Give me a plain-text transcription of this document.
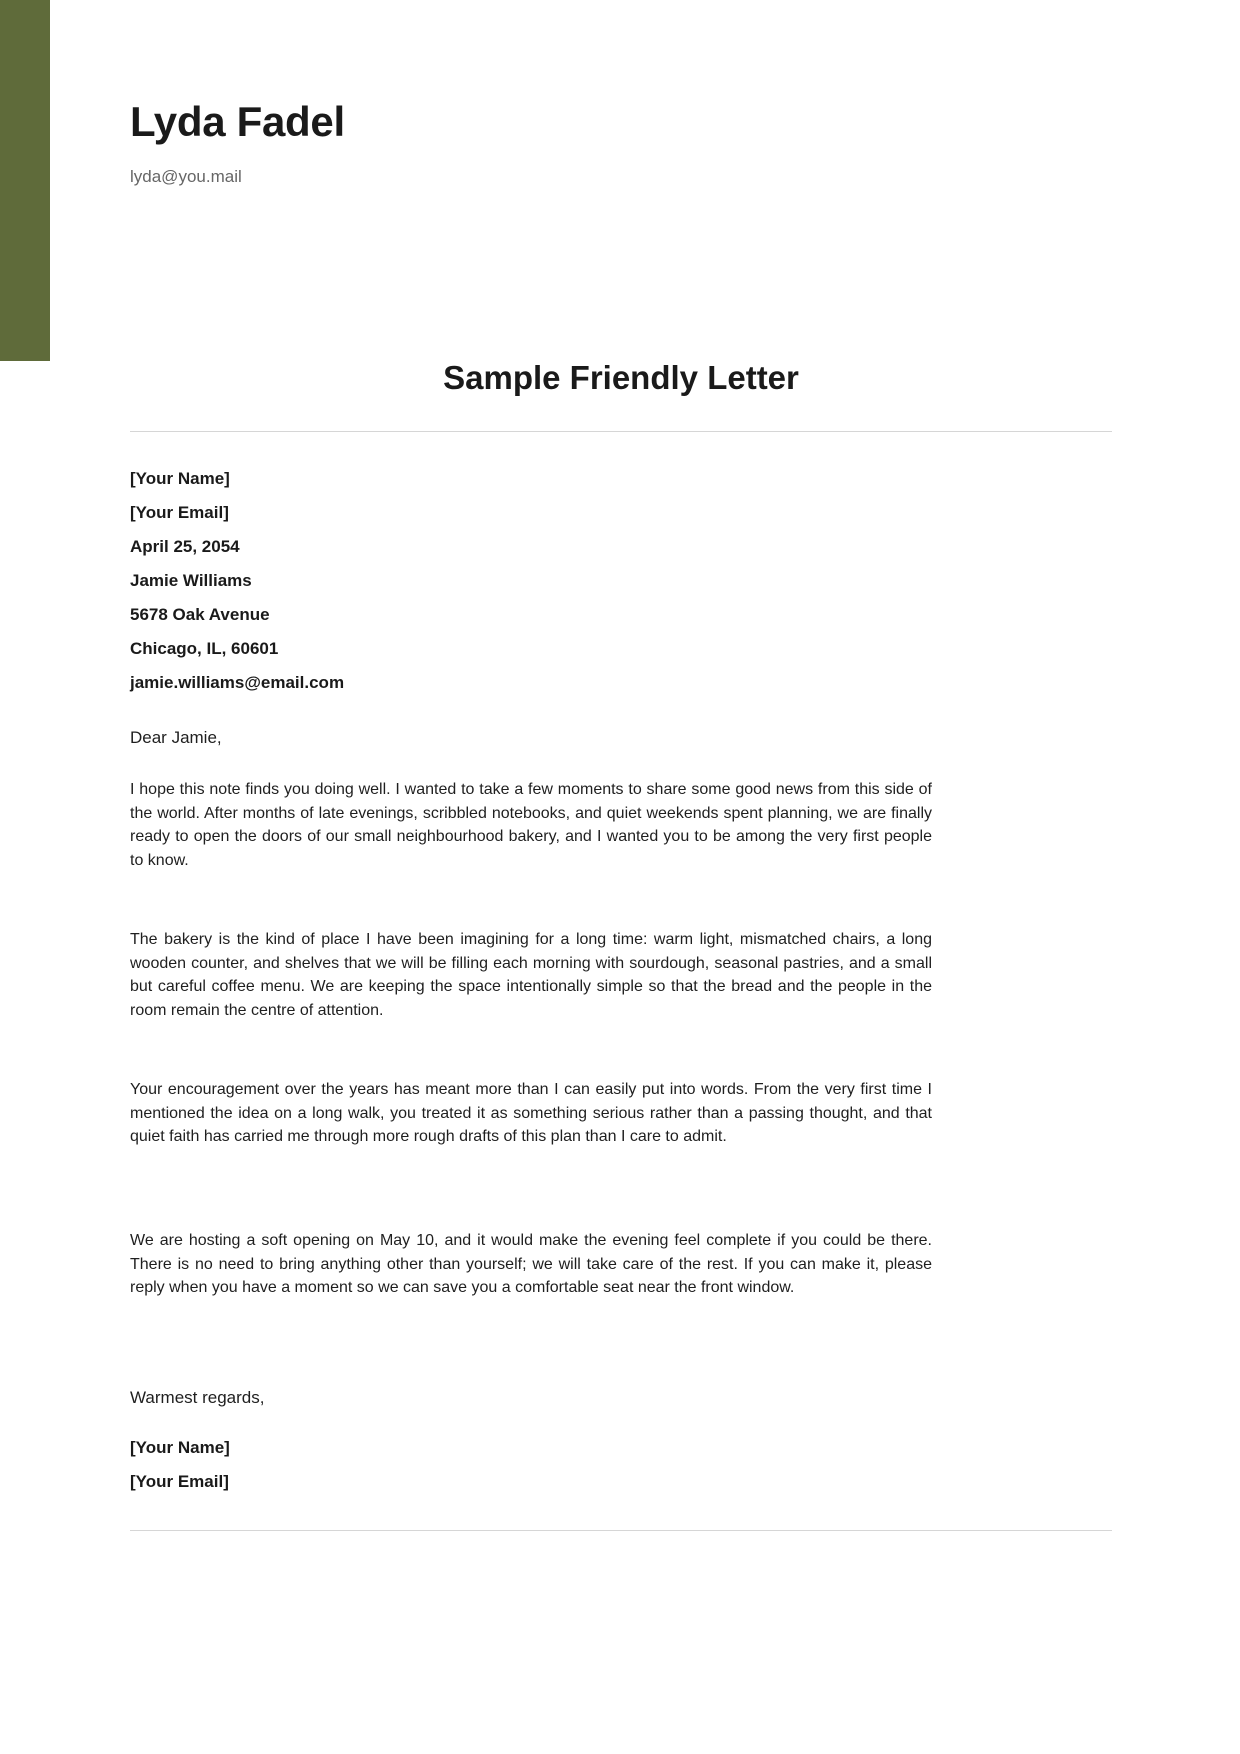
Lyda Fadel
lyda@you.mail
Sample Friendly Letter
[Your Name]
[Your Email]
April 25, 2054
Jamie Williams
5678 Oak Avenue
Chicago, IL, 60601
jamie.williams@email.com
Dear Jamie,

I hope this note finds you doing well. I wanted to take a few moments to share some good news from this side of the world. After months of late evenings, scribbled notebooks, and quiet weekends spent planning, we are finally ready to open the doors of our small neighbourhood bakery, and I wanted you to be among the very first people to know.

The bakery is the kind of place I have been imagining for a long time: warm light, mismatched chairs, a long wooden counter, and shelves that we will be filling each morning with sourdough, seasonal pastries, and a small but careful coffee menu. We are keeping the space intentionally simple so that the bread and the people in the room remain the centre of attention.

Your encouragement over the years has meant more than I can easily put into words. From the very first time I mentioned the idea on a long walk, you treated it as something serious rather than a passing thought, and that quiet faith has carried me through more rough drafts of this plan than I care to admit.

We are hosting a soft opening on May 10, and it would make the evening feel complete if you could be there. There is no need to bring anything other than yourself; we will take care of the rest. If you can make it, please reply when you have a moment so we can save you a comfortable seat near the front window.

Warmest regards,
[Your Name]
[Your Email]
